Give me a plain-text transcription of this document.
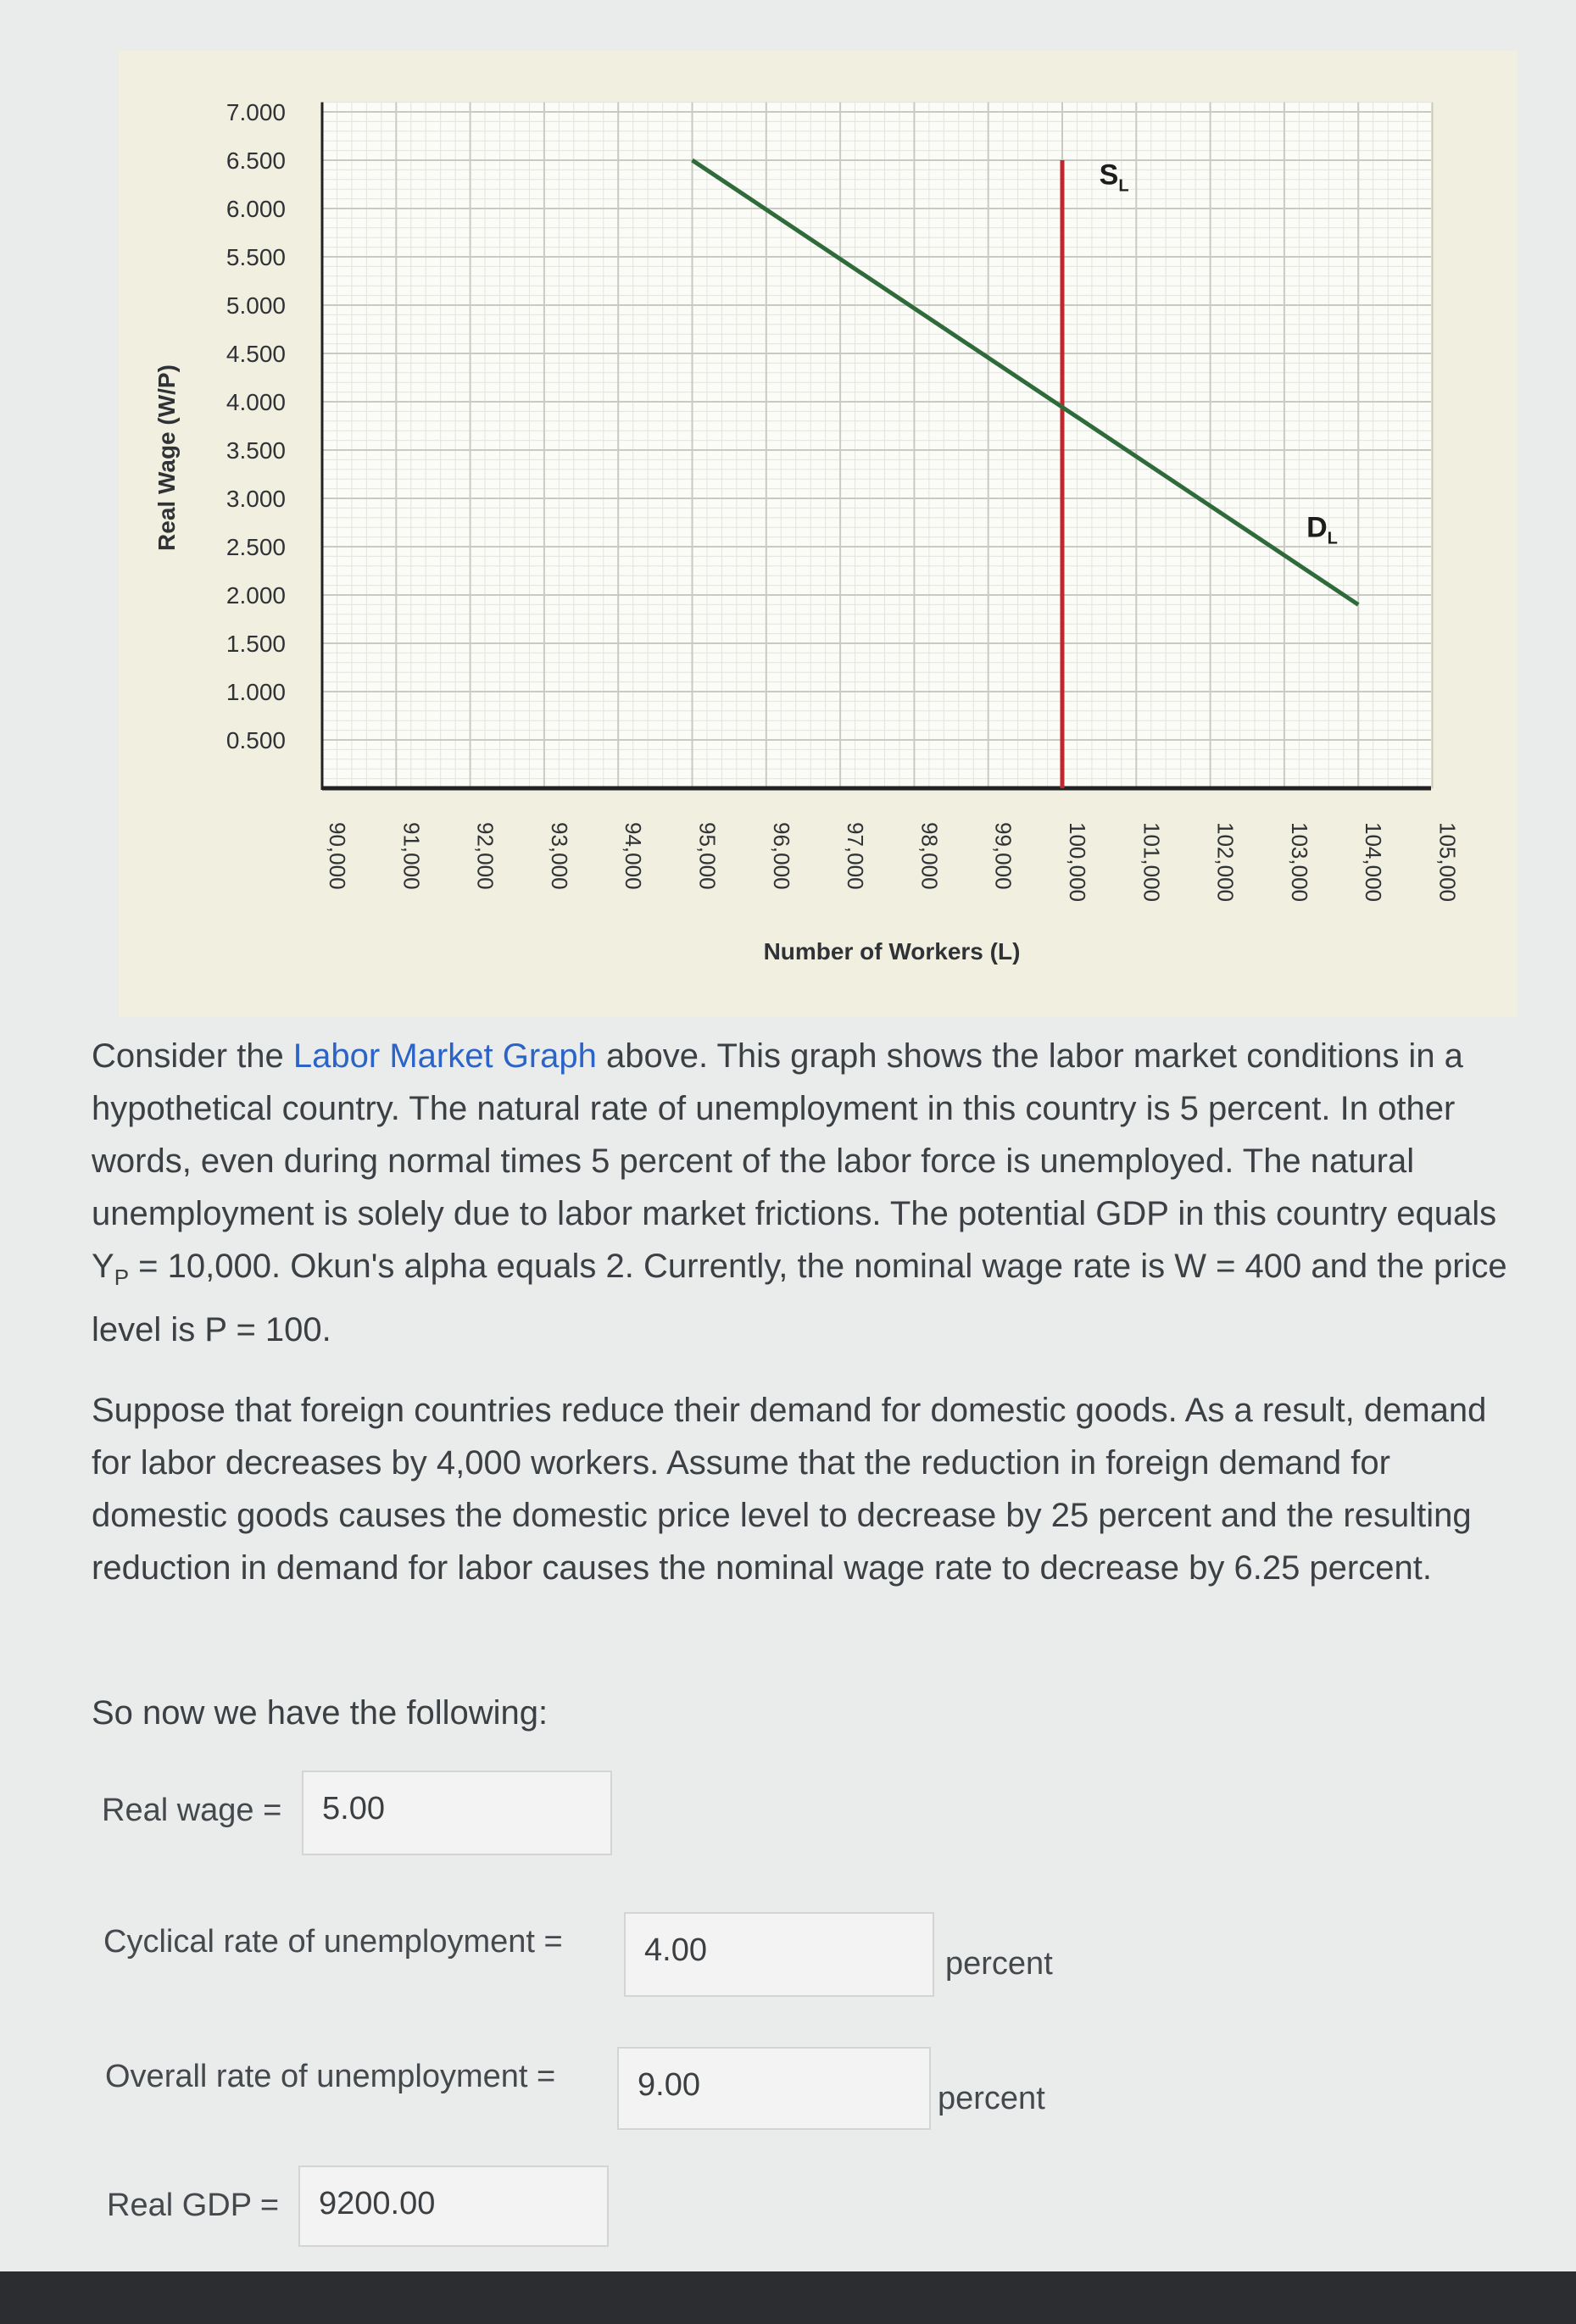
7.000
6.500
6.000
5.500
5.000
4.500
4.000
3.500
3.000
2.500
2.000
1.500
1.000
0.500
90,000 91,000 92,000 93,000 94,000 95,000 96,000 97,000 98,000 99,000 100,000 101,000 102,000 103,000 104,000 105,000
Real Wage (W/P)
Number of Workers (L)
$S_L$
$D_L$

Consider the Labor Market Graph above. This graph shows the labor market conditions in a hypothetical country. The natural rate of unemployment in this country is 5 percent. In other words, even during normal times 5 percent of the labor force is unemployed. The natural unemployment is solely due to labor market frictions. The potential GDP in this country equals $Y_P = 10,000$. Okun's alpha equals 2. Currently, the nominal wage rate is W = 400 and the price level is P = 100.

Suppose that foreign countries reduce their demand for domestic goods. As a result, demand for labor decreases by 4,000 workers. Assume that the reduction in foreign demand for domestic goods causes the domestic price level to decrease by 25 percent and the resulting reduction in demand for labor causes the nominal wage rate to decrease by 6.25 percent.

So now we have the following:

Real wage =	5.00
Cyclical rate of unemployment =	4.00	percent
Overall rate of unemployment =	9.00	percent
Real GDP =	9200.00
